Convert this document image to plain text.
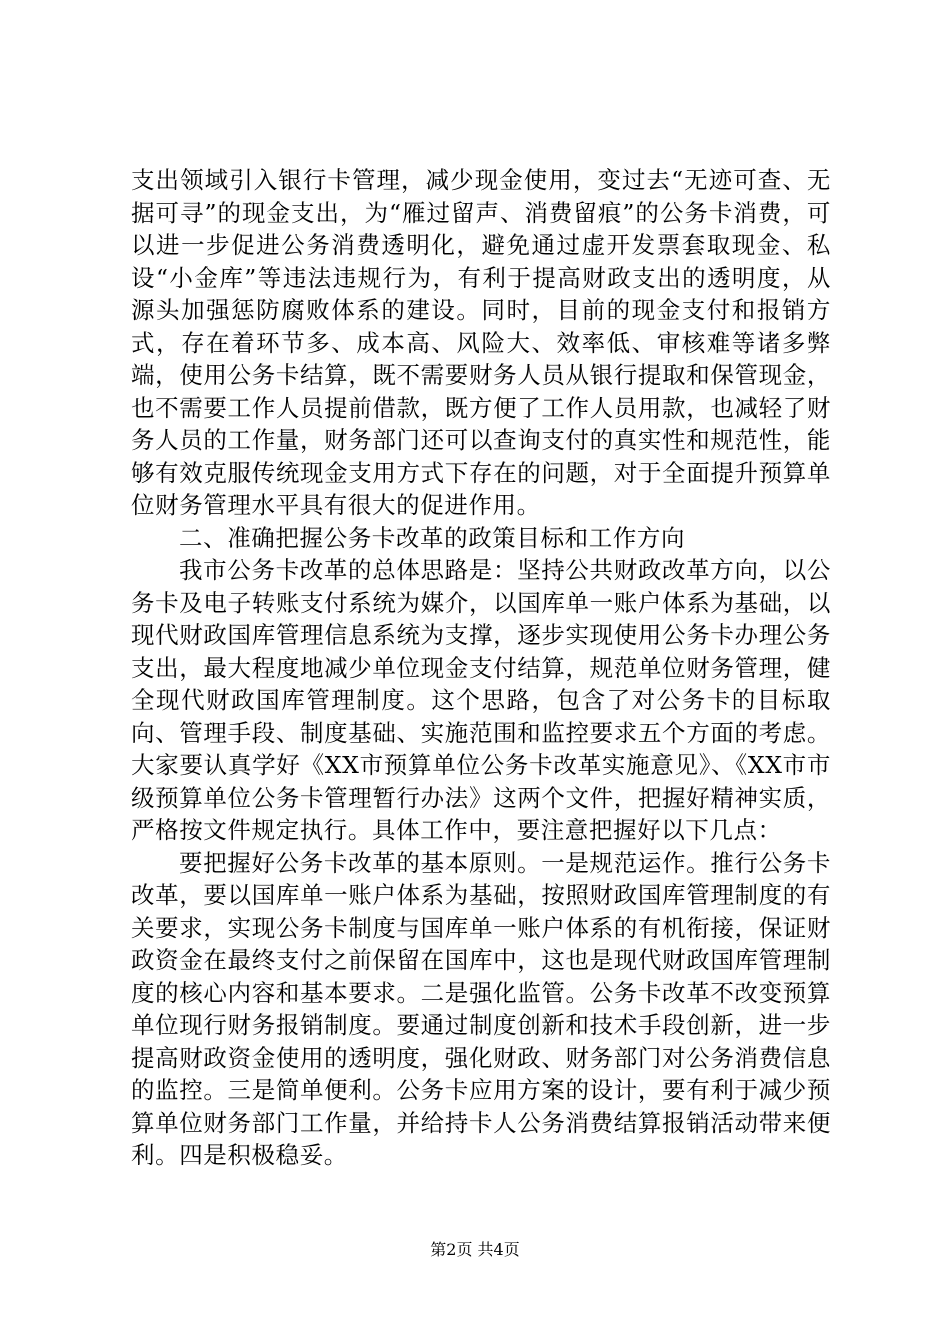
支出领域引入银行卡管理，减少现金使用，变过去“无迹可查、无据可寻”的现金支出，为“雁过留声、消费留痕”的公务卡消费，可以进一步促进公务消费透明化，避免通过虚开发票套取现金、私设“小金库”等违法违规行为，有利于提高财政支出的透明度，从源头加强惩防腐败体系的建设。同时，目前的现金支付和报销方式，存在着环节多、成本高、风险大、效率低、审核难等诸多弊端，使用公务卡结算，既不需要财务人员从银行提取和保管现金，也不需要工作人员提前借款，既方便了工作人员用款，也减轻了财务人员的工作量，财务部门还可以查询支付的真实性和规范性，能够有效克服传统现金支用方式下存在的问题，对于全面提升预算单位财务管理水平具有很大的促进作用。

二、准确把握公务卡改革的政策目标和工作方向

我市公务卡改革的总体思路是：坚持公共财政改革方向，以公务卡及电子转账支付系统为媒介，以国库单一账户体系为基础，以现代财政国库管理信息系统为支撑，逐步实现使用公务卡办理公务支出，最大程度地减少单位现金支付结算，规范单位财务管理，健全现代财政国库管理制度。这个思路，包含了对公务卡的目标取向、管理手段、制度基础、实施范围和监控要求五个方面的考虑。大家要认真学好《XX市预算单位公务卡改革实施意见》、《XX市市级预算单位公务卡管理暂行办法》这两个文件，把握好精神实质，严格按文件规定执行。具体工作中，要注意把握好以下几点：

要把握好公务卡改革的基本原则。一是规范运作。推行公务卡改革，要以国库单一账户体系为基础，按照财政国库管理制度的有关要求，实现公务卡制度与国库单一账户体系的有机衔接，保证财政资金在最终支付之前保留在国库中，这也是现代财政国库管理制度的核心内容和基本要求。二是强化监管。公务卡改革不改变预算单位现行财务报销制度。要通过制度创新和技术手段创新，进一步提高财政资金使用的透明度，强化财政、财务部门对公务消费信息的监控。三是简单便利。公务卡应用方案的设计，要有利于减少预算单位财务部门工作量，并给持卡人公务消费结算报销活动带来便利。四是积极稳妥。

第2页 共4页
